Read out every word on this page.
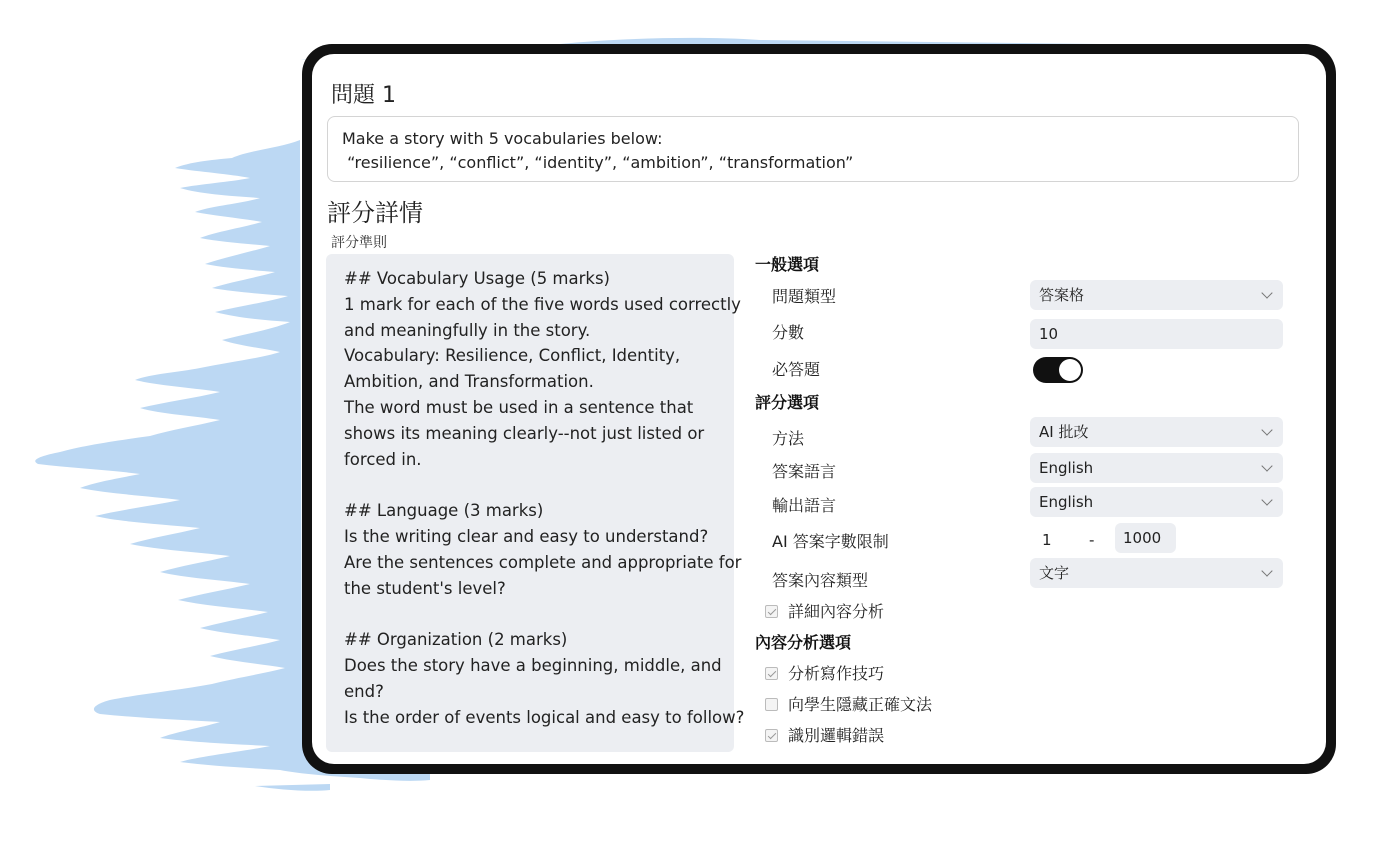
問題 1
Make a story with 5 vocabularies below:
“resilience”, “conflict”, “identity”, “ambition”, “transformation”
評分詳情
評分準則
## Vocabulary Usage (5 marks)
1 mark for each of the five words used correctly
and meaningfully in the story.
Vocabulary: Resilience, Conflict, Identity,
Ambition, and Transformation.
The word must be used in a sentence that
shows its meaning clearly--not just listed or
forced in.
## Language (3 marks)
Is the writing clear and easy to understand?
Are the sentences complete and appropriate for
the student's level?
## Organization (2 marks)
Does the story have a beginning, middle, and
end?
Is the order of events logical and easy to follow?
一般選項
問題類型	答案格
分數	10
必答題
評分選項
方法	AI 批改
答案語言	English
輸出語言	English
AI 答案字數限制	1 -	1000
答案內容類型	文字
詳細內容分析
內容分析選項
分析寫作技巧
向學生隱藏正確文法
識別邏輯錯誤
